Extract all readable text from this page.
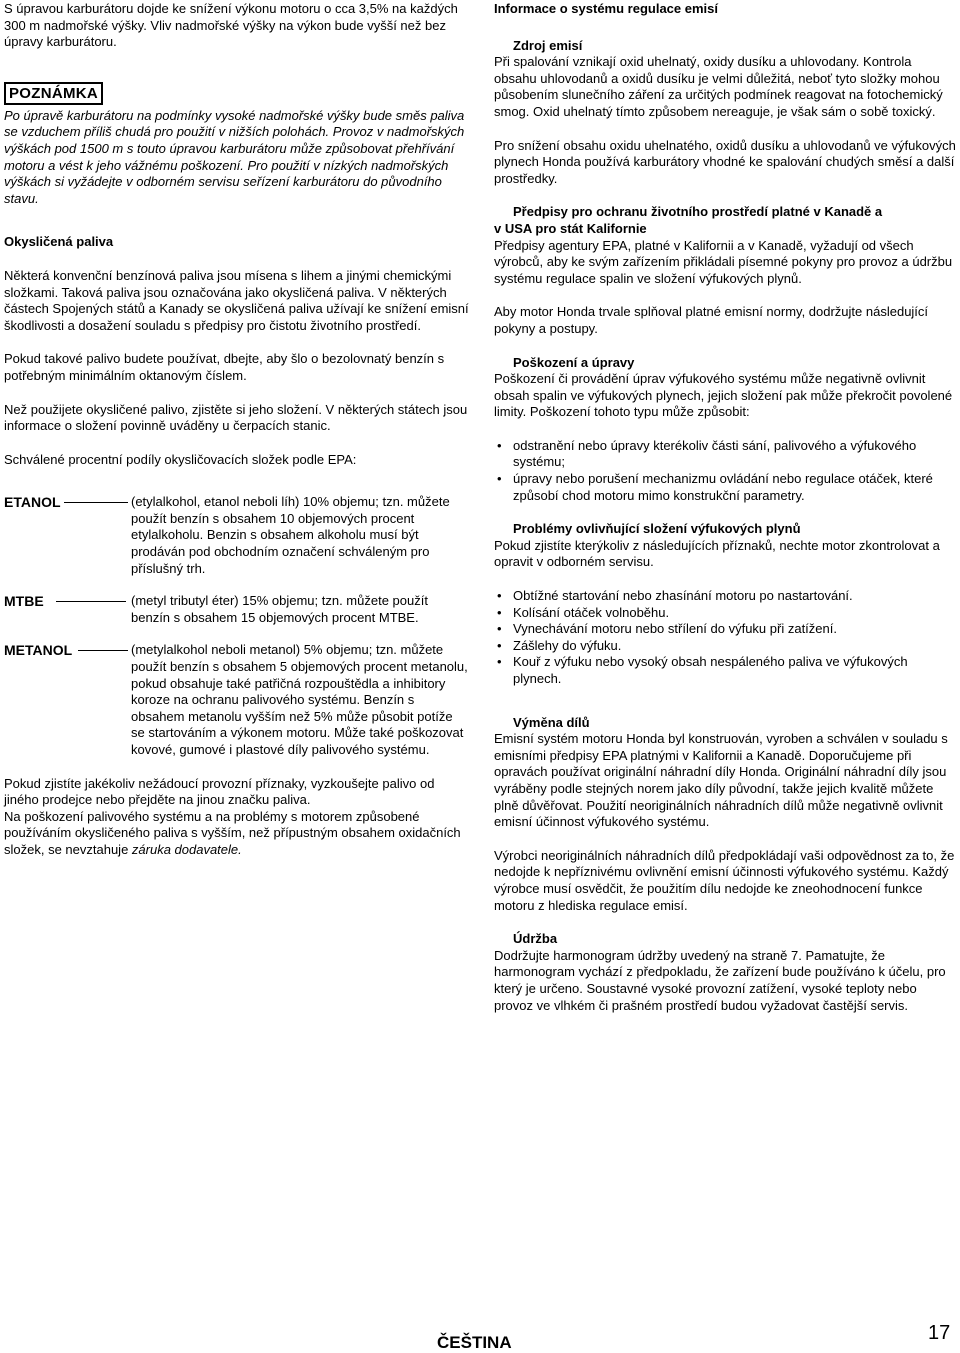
S úpravou karburátoru dojde ke snížení výkonu motoru o cca 3,5% na každých 300 m nadmořské výšky. Vliv nadmořské výšky na výkon bude vyšší než bez úpravy karburátoru.

POZNÁMKA

Po úpravě karburátoru na podmínky vysoké nadmořské výšky bude směs paliva se vzduchem příliš chudá pro použití v nižších polohách. Provoz v nadmořských výškách pod 1500 m s touto úpravou karburátoru může způsobovat přehřívání motoru a vést k jeho vážnému poškození. Pro použití v nízkých nadmořských výškách si vyžádejte v odborném servisu seřízení karburátoru do původního stavu.

Okysličená paliva

Některá konvenční benzínová paliva jsou mísena s lihem a jinými chemickými složkami. Taková paliva jsou označována jako okysličená paliva. V některých částech Spojených států a Kanady se okysličená paliva užívají ke snížení emisní škodlivosti a dosažení souladu s předpisy pro čistotu životního prostředí.

Pokud takové palivo budete používat, dbejte, aby šlo o bezolovnatý benzín s potřebným minimálním oktanovým číslem.

Než použijete okysličené palivo, zjistěte si jeho složení. V některých státech jsou informace o složení povinně uváděny u čerpacích stanic.

Schválené procentní podíly okysličovacích složek podle EPA:

ETANOL	(etylalkohol, etanol neboli líh) 10% objemu; tzn. můžete použít benzín s obsahem 10 objemových procent etylalkoholu. Benzin s obsahem alkoholu musí být prodáván pod obchodním označení schváleným pro příslušný trh.

MTBE	(metyl tributyl éter) 15% objemu; tzn. můžete použít benzín s obsahem 15 objemových procent MTBE.

METANOL	(metylalkohol neboli metanol) 5% objemu; tzn. můžete použít benzín s obsahem 5 objemových procent metanolu, pokud obsahuje také patřičná rozpouštědla a inhibitory koroze na ochranu palivového systému. Benzín s obsahem metanolu vyšším než 5% může působit potíže se startováním a výkonem motoru. Může také poškozovat kovové, gumové i plastové díly palivového systému.

Pokud zjistíte jakékoliv nežádoucí provozní příznaky, vyzkoušejte palivo od jiného prodejce nebo přejděte na jinou značku paliva.

Na poškození palivového systému a na problémy s motorem způsobené používáním okysličeného paliva s vyšším, než přípustným obsahem oxidačních složek, se nevztahuje záruka dodavatele.

Informace o systému regulace emisí

Zdroj emisí

Při spalování vznikají oxid uhelnatý, oxidy dusíku a uhlovodany. Kontrola obsahu uhlovodanů a oxidů dusíku je velmi důležitá, neboť tyto složky mohou působením slunečního záření za určitých podmínek reagovat na fotochemický smog. Oxid uhelnatý tímto způsobem nereaguje, je však sám o sobě toxický.

Pro snížení obsahu oxidu uhelnatého, oxidů dusíku a uhlovodanů ve výfukových plynech Honda používá karburátory vhodné ke spalování chudých směsí a další prostředky.

Předpisy pro ochranu životního prostředí platné v Kanadě a

v USA pro stát Kalifornie

Předpisy agentury EPA, platné v Kalifornii a v Kanadě, vyžadují od všech výrobců, aby ke svým zařízením přikládali písemné pokyny pro provoz a údržbu systému regulace spalin ve složení výfukových plynů.

Aby motor Honda trvale splňoval platné emisní normy, dodržujte následující pokyny a postupy.

Poškození a úpravy

Poškození či provádění úprav výfukového systému může negativně ovlivnit obsah spalin ve výfukových plynech, jejich složení pak může překročit povolené limity. Poškození tohoto typu může způsobit:

• odstranění nebo úpravy kterékoliv části sání, palivového a výfukového systému;
• úpravy nebo porušení mechanizmu ovládání nebo regulace otáček, které způsobí chod motoru mimo konstrukční parametry.

Problémy ovlivňující složení výfukových plynů

Pokud zjistíte kterýkoliv z následujících příznaků, nechte motor zkontrolovat a opravit v odborném servisu.

• Obtížné startování nebo zhasínání motoru po nastartování.
• Kolísání otáček volnoběhu.
• Vynechávání motoru nebo střílení do výfuku při zatížení.
• Zášlehy do výfuku.
• Kouř z výfuku nebo vysoký obsah nespáleného paliva ve výfukových plynech.

Výměna dílů

Emisní systém motoru Honda byl konstruován, vyroben a schválen v souladu s emisními předpisy EPA platnými v Kalifornii a Kanadě. Doporučujeme při opravách používat originální náhradní díly Honda. Originální náhradní díly jsou vyráběny podle stejných norem jako díly původní, takže jejich kvalitě můžete plně důvěřovat. Použití neoriginálních náhradních dílů může negativně ovlivnit emisní účinnost výfukového systému.

Výrobci neoriginálních náhradních dílů předpokládají vaši odpovědnost za to, že nedojde k nepříznivému ovlivnění emisní účinnosti výfukového systému. Každý výrobce musí osvědčit, že použitím dílu nedojde ke zneohodnocení funkce motoru z hlediska regulace emisí.

Údržba

Dodržujte harmonogram údržby uvedený na straně 7. Pamatujte, že harmonogram vychází z předpokladu, že zařízení bude používáno k účelu, pro který je určeno. Soustavné vysoké provozní zatížení, vysoké teploty nebo provoz ve vlhkém či prašném prostředí budou vyžadovat častější servis.

ČEŠTINA	17
